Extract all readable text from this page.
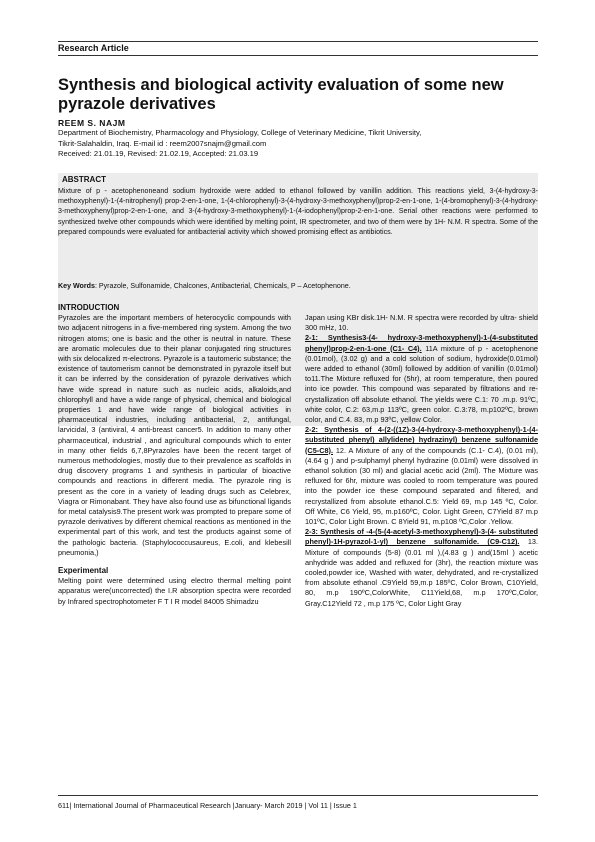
Research Article
Synthesis and biological activity evaluation of some new pyrazole derivatives
REEM S. NAJM
Department of Biochemistry, Pharmacology and Physiology, College of Veterinary Medicine, Tikrit University,
Tikrit-Salahaldin, Iraq. E-mail id : reem2007snajm@gmail.com
Received: 21.01.19, Revised: 21.02.19, Accepted: 21.03.19
ABSTRACT
Mixture of p - acetophenoneand sodium hydroxide were added to ethanol followed by vanillin addition. This reactions yield, 3-(4-hydroxy-3-methoxyphenyl)-1-(4-nitrophenyl) prop-2-en-1-one, 1-(4-chlorophenyl)-3-(4-hydroxy-3-methoxyphenyl)prop-2-en-1-one, 1-(4-bromophenyl)-3-(4-hydroxy-3-methoxyphenyl)prop-2-en-1-one, and 3-(4-hydroxy-3-methoxyphenyl)-1-(4-iodophenyl)prop-2-en-1-one. Serial other reactions were performed to synthesized twelve other compounds which were identified by melting point, IR spectrometer, and two of them were by 1H- N.M. R spectra. Some of the prepared compounds were evaluated for antibacterial activity which showed promising effect as antibiotics.
Key Words: Pyrazole, Sulfonamide, Chalcones, Antibacterial, Chemicals, P – Acetophenone.

INTRODUCTION

Pyrazoles are the important members of heterocyclic compounds with two adjacent nitrogens in a five-membered ring system. Among the two nitrogen atoms; one is basic and the other is neutral in nature. These are aromatic molecules due to their planar conjugated ring structures with six delocalized π-electrons. Pyrazole is a tautomeric substance; the existence of tautomerism cannot be demonstrated in pyrazole itself but it can be inferred by the consideration of pyrazole derivatives which have wide spread in nature such as nucleic acids, alkaloids,and chlorophyll and have a wide range of physical, chemical and biological properties 1 and have wide range of biological activities in pharmaceutical industries, including antibacterial, 2, antifungal, larvicidal, 3 (antiviral, 4 anti-breast cancer5. In addition to many other pharmaceutical, industrial , and agricultural compounds which to enter in many other fields 6,7,8Pyrazoles have been the recent target of numerous methodologies, mostly due to their prevalence as scaffolds in drug discovery programs 1 and synthesis in particular of bioactive compounds and reactions in different media. The pyrazole ring is present as the core in a variety of leading drugs such as Celebrex, Viagra or Rimonabant. They have also found use as bifunctional ligands for metal catalysis9.The present work was prompted to prepare some of pyrazole derivatives by different chemical reactions as mentioned in the experimental part of this work, and test the products against some of the pathologic bacteria. (Staphylococcusaureus, E.coli, and klebesill pneumonia,)

Experimental

Melting point were determined using electro thermal melting point apparatus were(uncorrected) the I.R absorption spectra were recorded by Infrared spectrophotometer F T I R model 84005 Shimadzu

Japan using KBr disk.1H- N.M. R spectra were recorded by ultra- shield 300 mHz, 10.

2-1: Synthesis3-(4- hydroxy-3-methoxyphenyl)-1-(4-substituted phenyl)prop-2-en-1-one (C1- C4). 11A mixture of p - acetophenone (0.01mol), (3.02 g) and a cold solution of sodium, hydroxide(0.01mol) were added to ethanol (30ml) followed by addition of vanillin (0.01mol) to11.The Mixture refluxed for (5hr), at room temperature, then poured into ice powder. This compound was separated by filtrations and re-crystallization off absolute ethanol. The yields were C.1: 70 .m.p. 91ºC, white color, C.2: 63,m.p 113ºC, green color. C.3:78, m.p102ºC, brown color, and C.4. 83, m.p 93ºC, yellow Color.

2-2: Synthesis of 4-(2-((1Z)-3-(4-hydroxy-3-methoxyphenyl)-1-(4-substituted phenyl) allylidene) hydrazinyl) benzene sulfonamide (C5-C8). 12. A Mixture of any of the compounds (C.1- C.4), (0.01 ml), (4.64 g ) and p-sulphamyl phenyl hydrazine (0.01ml) were dissolved in ethanol solution (30 ml) and glacial acetic acid (2ml). The Mixture was refluxed for 6hr, mixture was cooled to room temperature was poured into the powder ice these compound separated and filtered, and recrystallized from absolute ethanol.C.5: Yield 69, m.p 145 ºC, Color. Off White, C6 Yield, 95, m.p160ºC, Color. Light Green, C7Yield 87 m.p 101ºC, Color Light Brown. C 8Yield 91, m.p108 ºC,Color .Yellow.

2-3: Synthesis of -4-(5-(4-acetyl-3-methoxyphenyl)-3-(4- substituted phenyl)-1H-pyrazol-1-yl) benzene sulfonamide. (C9-C12). 13. Mixture of compounds (5-8) (0.01 ml ),(4.83 g ) and(15ml ) acetic anhydride was added and refluxed for (3hr), the reaction mixture was cooled,powder ice, Washed with water, dehydrated, and re-crystallized from absolute ethanol .C9Yield 59,m.p 185ºC, Color Brown, C10Yield, 80, m.p 190ºC,ColorWhite, C11Yield,68, m.p 170ºC,Color, Gray.C12Yield 72 , m.p 175 ºC, Color Light Gray

611| International Journal of Pharmaceutical Research |January- March 2019 | Vol 11 | Issue 1
